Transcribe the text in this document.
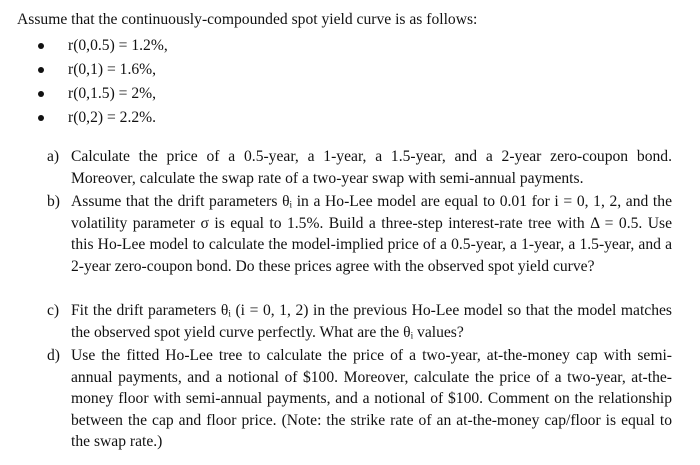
Assume that the continuously-compounded spot yield curve is as follows:
r(0,0.5) = 1.2%,
r(0,1) = 1.6%,
r(0,1.5) = 2%,
r(0,2) = 2.2%.
a) Calculate the price of a 0.5-year, a 1-year, a 1.5-year, and a 2-year zero-coupon bond. Moreover, calculate the swap rate of a two-year swap with semi-annual payments.
b) Assume that the drift parameters θᵢ in a Ho-Lee model are equal to 0.01 for i = 0, 1, 2, and the volatility parameter σ is equal to 1.5%. Build a three-step interest-rate tree with Δ = 0.5. Use this Ho-Lee model to calculate the model-implied price of a 0.5-year, a 1-year, a 1.5-year, and a 2-year zero-coupon bond. Do these prices agree with the observed spot yield curve?
c) Fit the drift parameters θᵢ (i = 0, 1, 2) in the previous Ho-Lee model so that the model matches the observed spot yield curve perfectly. What are the θᵢ values?
d) Use the fitted Ho-Lee tree to calculate the price of a two-year, at-the-money cap with semi-annual payments, and a notional of $100. Moreover, calculate the price of a two-year, at-the-money floor with semi-annual payments, and a notional of $100. Comment on the relationship between the cap and floor price. (Note: the strike rate of an at-the-money cap/floor is equal to the swap rate.)
